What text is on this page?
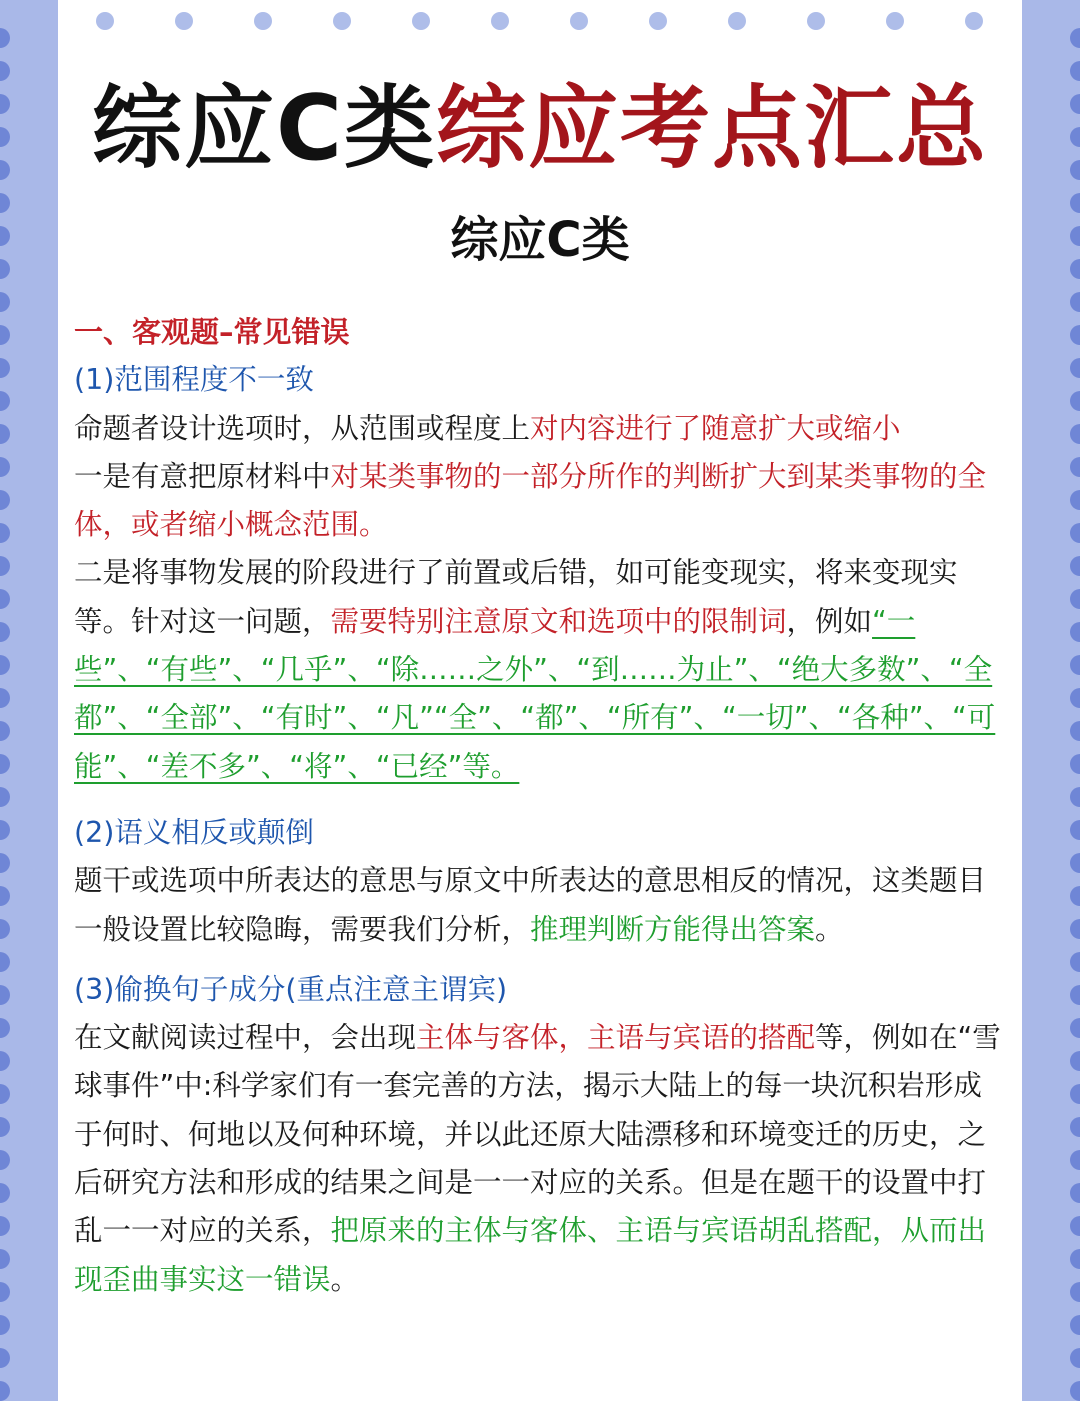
综应C类综应考点汇总
综应C类

一、客观题–常见错误

(1)范围程度不一致

命题者设计选项时，从范围或程度上对内容进行了随意扩大或缩小

一是有意把原材料中对某类事物的一部分所作的判断扩大到某类事物的全体，或者缩小概念范围。

二是将事物发展的阶段进行了前置或后错，如可能变现实，将来变现实等。针对这一问题，需要特别注意原文和选项中的限制词，例如“一些”、“有些”、“几乎”、“除……之外”、“到……为止”、“绝大多数”、“全都”、“全部”、“有时”、“凡”“全”、“都”、“所有”、“一切”、“各种”、“可能”、“差不多”、“将”、“已经”等。

(2)语义相反或颠倒

题干或选项中所表达的意思与原文中所表达的意思相反的情况，这类题目一般设置比较隐晦，需要我们分析，推理判断方能得出答案。

(3)偷换句子成分(重点注意主谓宾)

在文献阅读过程中，会出现主体与客体，主语与宾语的搭配等，例如在“雪球事件”中:科学家们有一套完善的方法，揭示大陆上的每一块沉积岩形成于何时、何地以及何种环境，并以此还原大陆漂移和环境变迁的历史，之后研究方法和形成的结果之间是一一对应的关系。但是在题干的设置中打乱一一对应的关系，把原来的主体与客体、主语与宾语胡乱搭配，从而出现歪曲事实这一错误。
